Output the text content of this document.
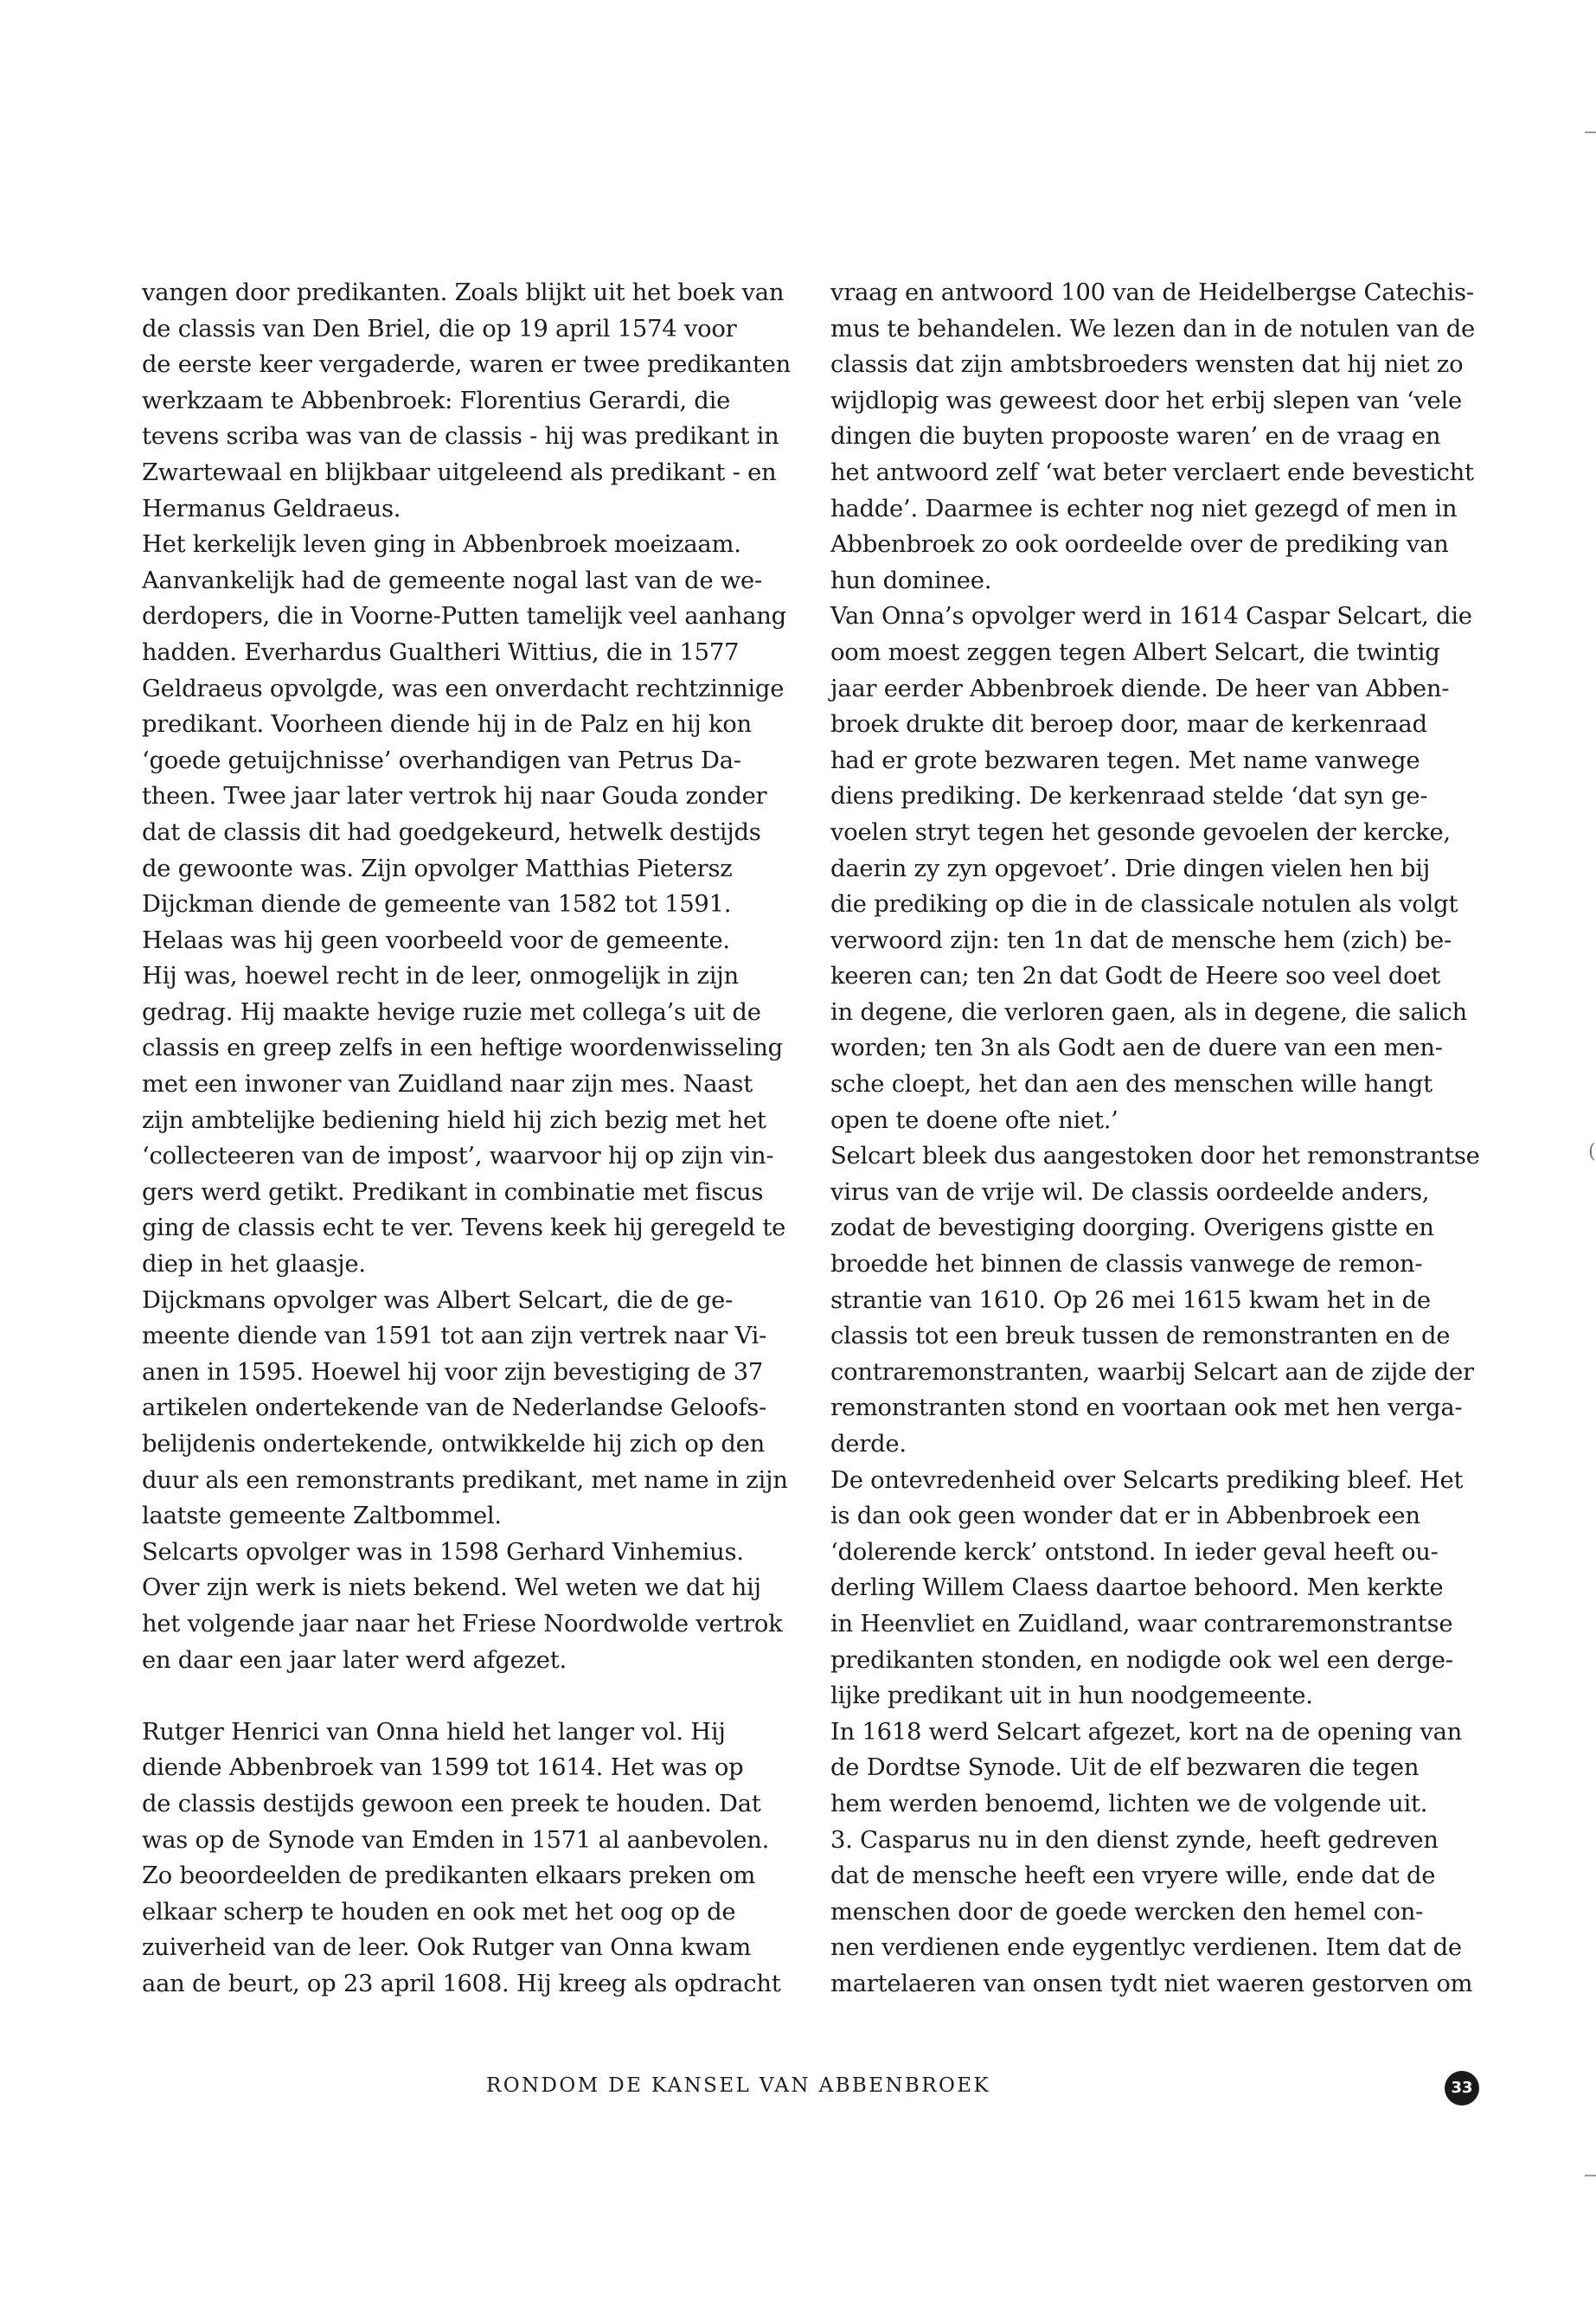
(
vangen door predikanten. Zoals blijkt uit het boek van
de classis van Den Briel, die op 19 april 1574 voor
de eerste keer vergaderde, waren er twee predikanten
werkzaam te Abbenbroek: Florentius Gerardi, die
tevens scriba was van de classis - hij was predikant in
Zwartewaal en blijkbaar uitgeleend als predikant - en
Hermanus Geldraeus.
Het kerkelijk leven ging in Abbenbroek moeizaam.
Aanvankelijk had de gemeente nogal last van de we-
derdopers, die in Voorne-Putten tamelijk veel aanhang
hadden. Everhardus Gualtheri Wittius, die in 1577
Geldraeus opvolgde, was een onverdacht rechtzinnige
predikant. Voorheen diende hij in de Palz en hij kon
‘goede getuijchnisse’ overhandigen van Petrus Da-
theen. Twee jaar later vertrok hij naar Gouda zonder
dat de classis dit had goedgekeurd, hetwelk destijds
de gewoonte was. Zijn opvolger Matthias Pietersz
Dijckman diende de gemeente van 1582 tot 1591.
Helaas was hij geen voorbeeld voor de gemeente.
Hij was, hoewel recht in de leer, onmogelijk in zijn
gedrag. Hij maakte hevige ruzie met collega’s uit de
classis en greep zelfs in een heftige woordenwisseling
met een inwoner van Zuidland naar zijn mes. Naast
zijn ambtelijke bediening hield hij zich bezig met het
‘collecteeren van de impost’, waarvoor hij op zijn vin-
gers werd getikt. Predikant in combinatie met fiscus
ging de classis echt te ver. Tevens keek hij geregeld te
diep in het glaasje.
Dijckmans opvolger was Albert Selcart, die de ge-
meente diende van 1591 tot aan zijn vertrek naar Vi-
anen in 1595. Hoewel hij voor zijn bevestiging de 37
artikelen ondertekende van de Nederlandse Geloofs-
belijdenis ondertekende, ontwikkelde hij zich op den
duur als een remonstrants predikant, met name in zijn
laatste gemeente Zaltbommel.
Selcarts opvolger was in 1598 Gerhard Vinhemius.
Over zijn werk is niets bekend. Wel weten we dat hij
het volgende jaar naar het Friese Noordwolde vertrok
en daar een jaar later werd afgezet.
Rutger Henrici van Onna hield het langer vol. Hij
diende Abbenbroek van 1599 tot 1614. Het was op
de classis destijds gewoon een preek te houden. Dat
was op de Synode van Emden in 1571 al aanbevolen.
Zo beoordeelden de predikanten elkaars preken om
elkaar scherp te houden en ook met het oog op de
zuiverheid van de leer. Ook Rutger van Onna kwam
aan de beurt, op 23 april 1608. Hij kreeg als opdracht
vraag en antwoord 100 van de Heidelbergse Catechis-
mus te behandelen. We lezen dan in de notulen van de
classis dat zijn ambtsbroeders wensten dat hij niet zo
wijdlopig was geweest door het erbij slepen van ‘vele
dingen die buyten propooste waren’ en de vraag en
het antwoord zelf ‘wat beter verclaert ende bevesticht
hadde’. Daarmee is echter nog niet gezegd of men in
Abbenbroek zo ook oordeelde over de prediking van
hun dominee.
Van Onna’s opvolger werd in 1614 Caspar Selcart, die
oom moest zeggen tegen Albert Selcart, die twintig
jaar eerder Abbenbroek diende. De heer van Abben-
broek drukte dit beroep door, maar de kerkenraad
had er grote bezwaren tegen. Met name vanwege
diens prediking. De kerkenraad stelde ‘dat syn ge-
voelen stryt tegen het gesonde gevoelen der kercke,
daerin zy zyn opgevoet’. Drie dingen vielen hen bij
die prediking op die in de classicale notulen als volgt
verwoord zijn: ten 1n dat de mensche hem (zich) be-
keeren can; ten 2n dat Godt de Heere soo veel doet
in degene, die verloren gaen, als in degene, die salich
worden; ten 3n als Godt aen de duere van een men-
sche cloept, het dan aen des menschen wille hangt
open te doene ofte niet.’
Selcart bleek dus aangestoken door het remonstrantse
virus van de vrije wil. De classis oordeelde anders,
zodat de bevestiging doorging. Overigens gistte en
broedde het binnen de classis vanwege de remon-
strantie van 1610. Op 26 mei 1615 kwam het in de
classis tot een breuk tussen de remonstranten en de
contraremonstranten, waarbij Selcart aan de zijde der
remonstranten stond en voortaan ook met hen verga-
derde.
De ontevredenheid over Selcarts prediking bleef. Het
is dan ook geen wonder dat er in Abbenbroek een
‘dolerende kerck’ ontstond. In ieder geval heeft ou-
derling Willem Claess daartoe behoord. Men kerkte
in Heenvliet en Zuidland, waar contraremonstrantse
predikanten stonden, en nodigde ook wel een derge-
lijke predikant uit in hun noodgemeente.
In 1618 werd Selcart afgezet, kort na de opening van
de Dordtse Synode. Uit de elf bezwaren die tegen
hem werden benoemd, lichten we de volgende uit.
3. Casparus nu in den dienst zynde, heeft gedreven
dat de mensche heeft een vryere wille, ende dat de
menschen door de goede wercken den hemel con-
nen verdienen ende eygentlyc verdienen. Item dat de
martelaeren van onsen tydt niet waeren gestorven om
RONDOM DE KANSEL VAN ABBENBROEK	33
